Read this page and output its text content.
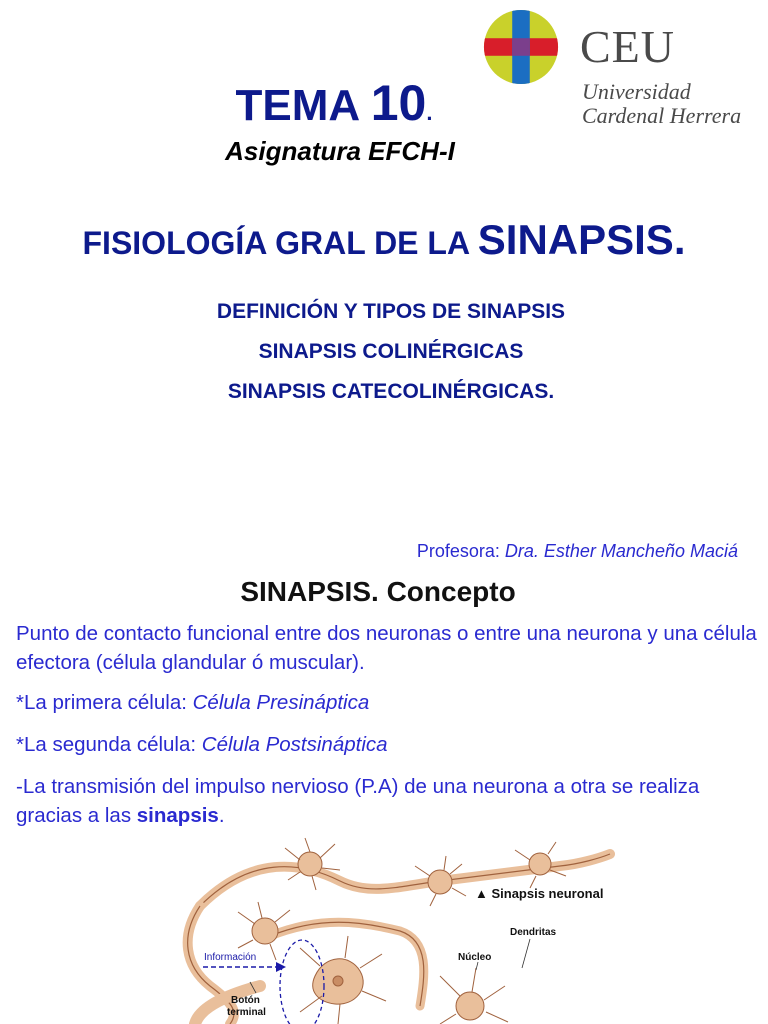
CEU
Universidad
Cardenal Herrera
TEMA 10.
Asignatura EFCH-I
FISIOLOGÍA GRAL DE LA SINAPSIS.
DEFINICIÓN Y TIPOS DE SINAPSIS
SINAPSIS COLINÉRGICAS
SINAPSIS CATECOLINÉRGICAS.
Profesora: Dra. Esther Mancheño Maciá
SINAPSIS. Concepto
Punto de contacto funcional entre dos neuronas o entre una neurona y una célula efectora (célula glandular ó muscular).
*La primera célula: Célula Presináptica
*La segunda célula: Célula Postsináptica
-La transmisión del impulso nervioso (P.A) de una neurona a otra se realiza gracias a las sinapsis.
▲ Sinapsis neuronal
Dendritas
Información	Núcleo
Botón
terminal
